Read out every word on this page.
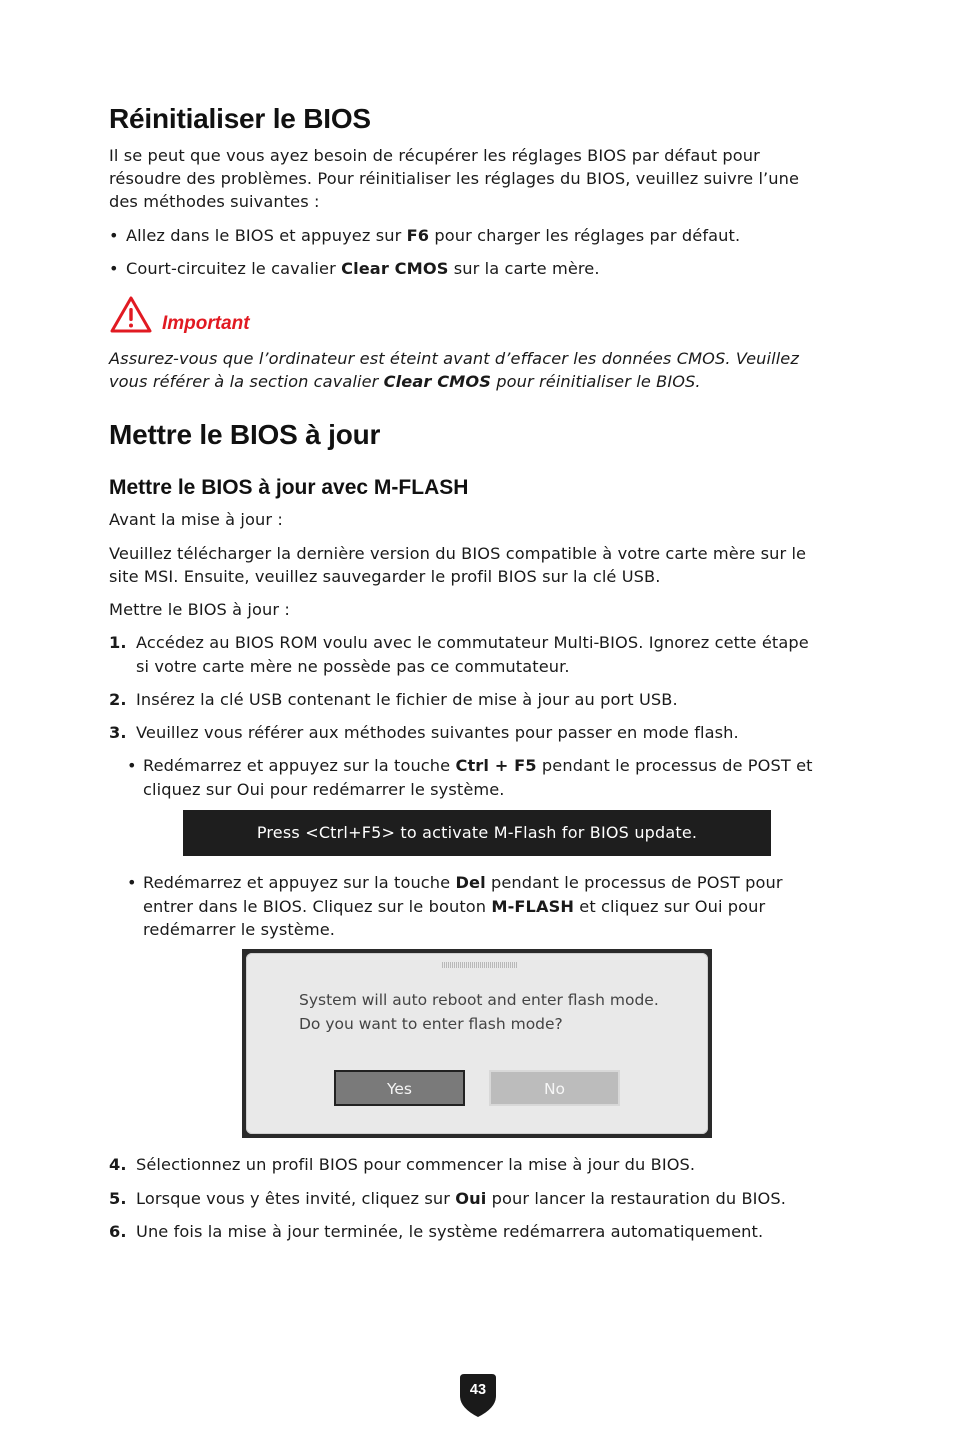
Réinitialiser le BIOS

Il se peut que vous ayez besoin de récupérer les réglages BIOS par défaut pour

résoudre des problèmes. Pour réinitialiser les réglages du BIOS, veuillez suivre l’une

des méthodes suivantes :

• Allez dans le BIOS et appuyez sur F6 pour charger les réglages par défaut.
• Court-circuitez le cavalier Clear CMOS sur la carte mère.
Important

Assurez-vous que l’ordinateur est éteint avant d’effacer les données CMOS. Veuillez

vous référer à la section cavalier Clear CMOS pour réinitialiser le BIOS.

Mettre le BIOS à jour
Mettre le BIOS à jour avec M-FLASH

Avant la mise à jour :

Veuillez télécharger la dernière version du BIOS compatible à votre carte mère sur le

site MSI. Ensuite, veuillez sauvegarder le profil BIOS sur la clé USB.

Mettre le BIOS à jour :

1. Accédez au BIOS ROM voulu avec le commutateur Multi-BIOS. Ignorez cette étape
si votre carte mère ne possède pas ce commutateur.
2. Insérez la clé USB contenant le fichier de mise à jour au port USB.
3. Veuillez vous référer aux méthodes suivantes pour passer en mode flash.
• Redémarrez et appuyez sur la touche Ctrl + F5 pendant le processus de POST et
cliquez sur Oui pour redémarrer le système.
• Redémarrez et appuyez sur la touche Del pendant le processus de POST pour
entrer dans le BIOS. Cliquez sur le bouton M-FLASH et cliquez sur Oui pour
redémarrer le système.
4. Sélectionnez un profil BIOS pour commencer la mise à jour du BIOS.
5. Lorsque vous y êtes invité, cliquez sur Oui pour lancer la restauration du BIOS.
6. Une fois la mise à jour terminée, le système redémarrera automatiquement.
Press <Ctrl+F5> to activate M-Flash for BIOS update.
System will auto reboot and enter flash mode.
Do you want to enter flash mode?
Yes	No
43
